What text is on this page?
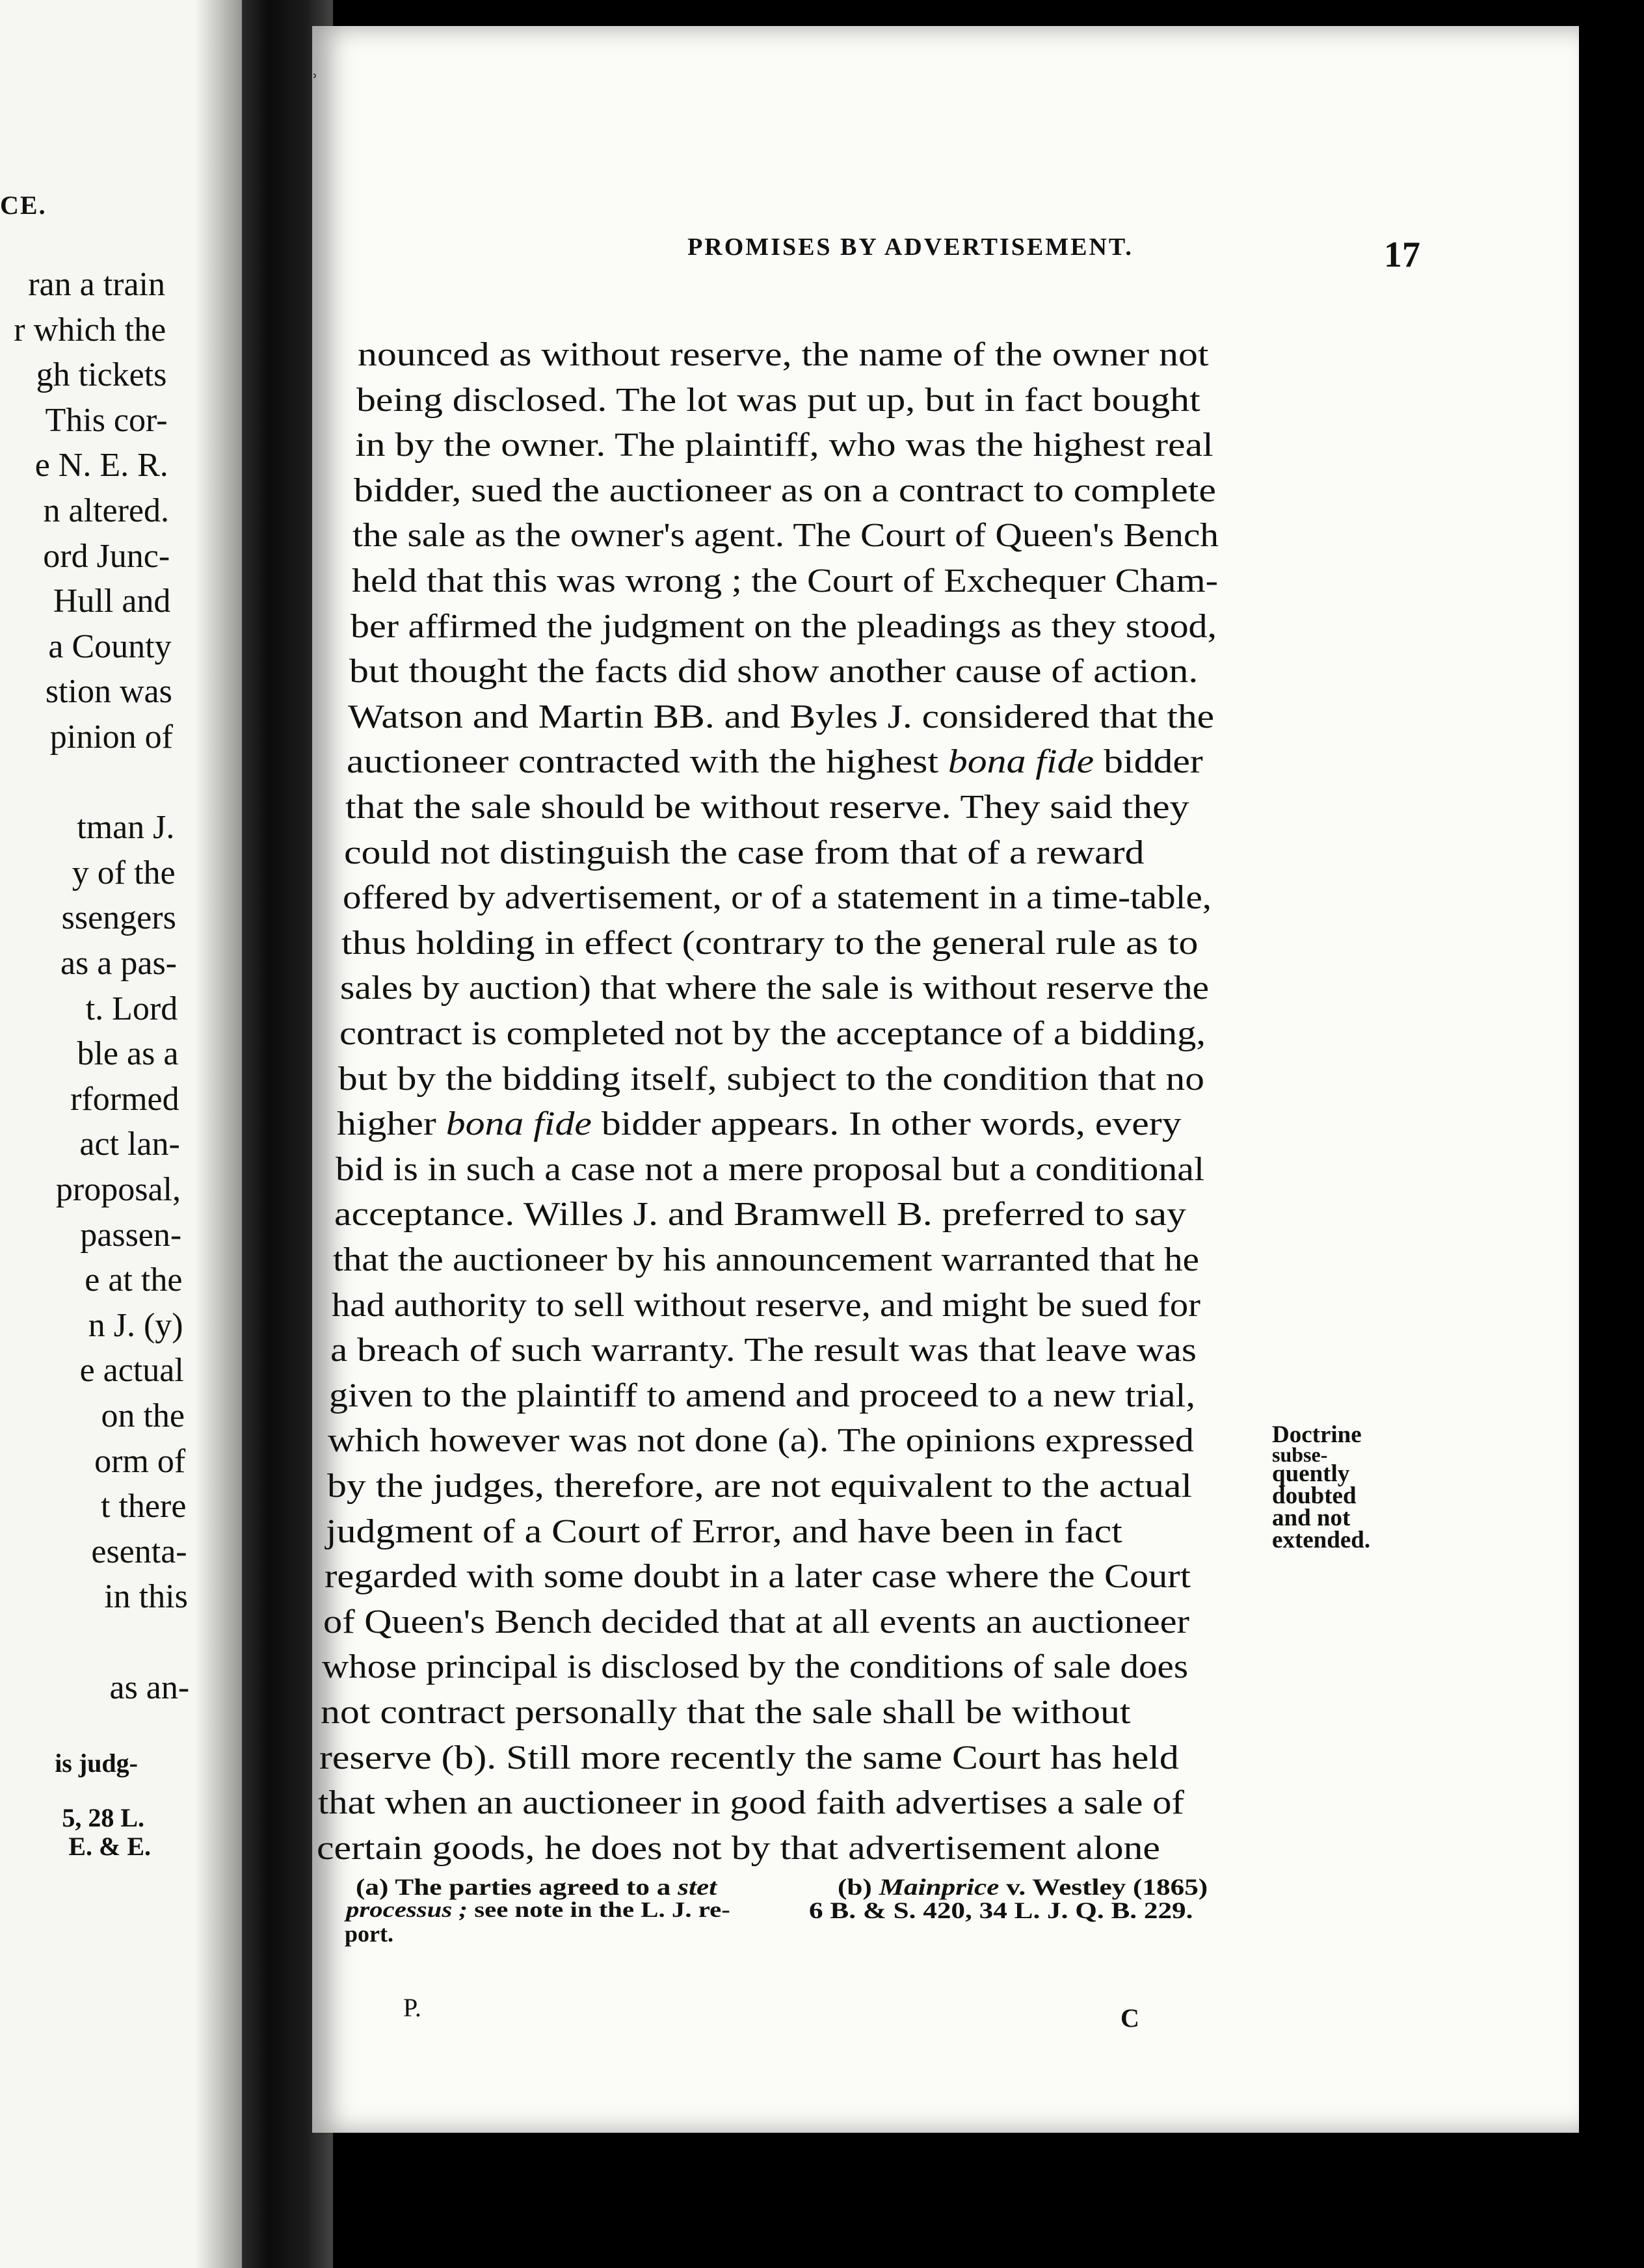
CE.
ran a train
r which the
gh tickets
This cor-
e N. E. R.
n altered.
ord Junc-
Hull and
a County
stion was
pinion of
tman J.
y of the
ssengers
as a pas-
t. Lord
ble as a
rformed
act lan-
proposal,
passen-
e at the
n J. (y)
e actual
on the
orm of
t there
esenta-
in this
as an-
is judg-
5, 28 L.
E. & E.
ʾ
PROMISES BY ADVERTISEMENT.	17
nounced as without reserve, the name of the owner not
being disclosed. The lot was put up, but in fact bought
in by the owner. The plaintiff, who was the highest real
bidder, sued the auctioneer as on a contract to complete
the sale as the owner's agent. The Court of Queen's Bench
held that this was wrong ; the Court of Exchequer Cham-
ber affirmed the judgment on the pleadings as they stood,
but thought the facts did show another cause of action.
Watson and Martin BB. and Byles J. considered that the
auctioneer contracted with the highest bona fide bidder
that the sale should be without reserve. They said they
could not distinguish the case from that of a reward
offered by advertisement, or of a statement in a time-table,
thus holding in effect (contrary to the general rule as to
sales by auction) that where the sale is without reserve the
contract is completed not by the acceptance of a bidding,
but by the bidding itself, subject to the condition that no
higher bona fide bidder appears. In other words, every
bid is in such a case not a mere proposal but a conditional
acceptance. Willes J. and Bramwell B. preferred to say
that the auctioneer by his announcement warranted that he
had authority to sell without reserve, and might be sued for
a breach of such warranty. The result was that leave was
given to the plaintiff to amend and proceed to a new trial,
which however was not done (a). The opinions expressed
by the judges, therefore, are not equivalent to the actual
judgment of a Court of Error, and have been in fact
regarded with some doubt in a later case where the Court
of Queen's Bench decided that at all events an auctioneer
whose principal is disclosed by the conditions of sale does
not contract personally that the sale shall be without
reserve (b). Still more recently the same Court has held
that when an auctioneer in good faith advertises a sale of
certain goods, he does not by that advertisement alone
Doctrine
subse-
quently
doubted
and not
extended.
(a) The parties agreed to a stet
processus ; see note in the L. J. re-
port.
(b) Mainprice v. Westley (1865)
6 B. & S. 420, 34 L. J. Q. B. 229.
P.	C
